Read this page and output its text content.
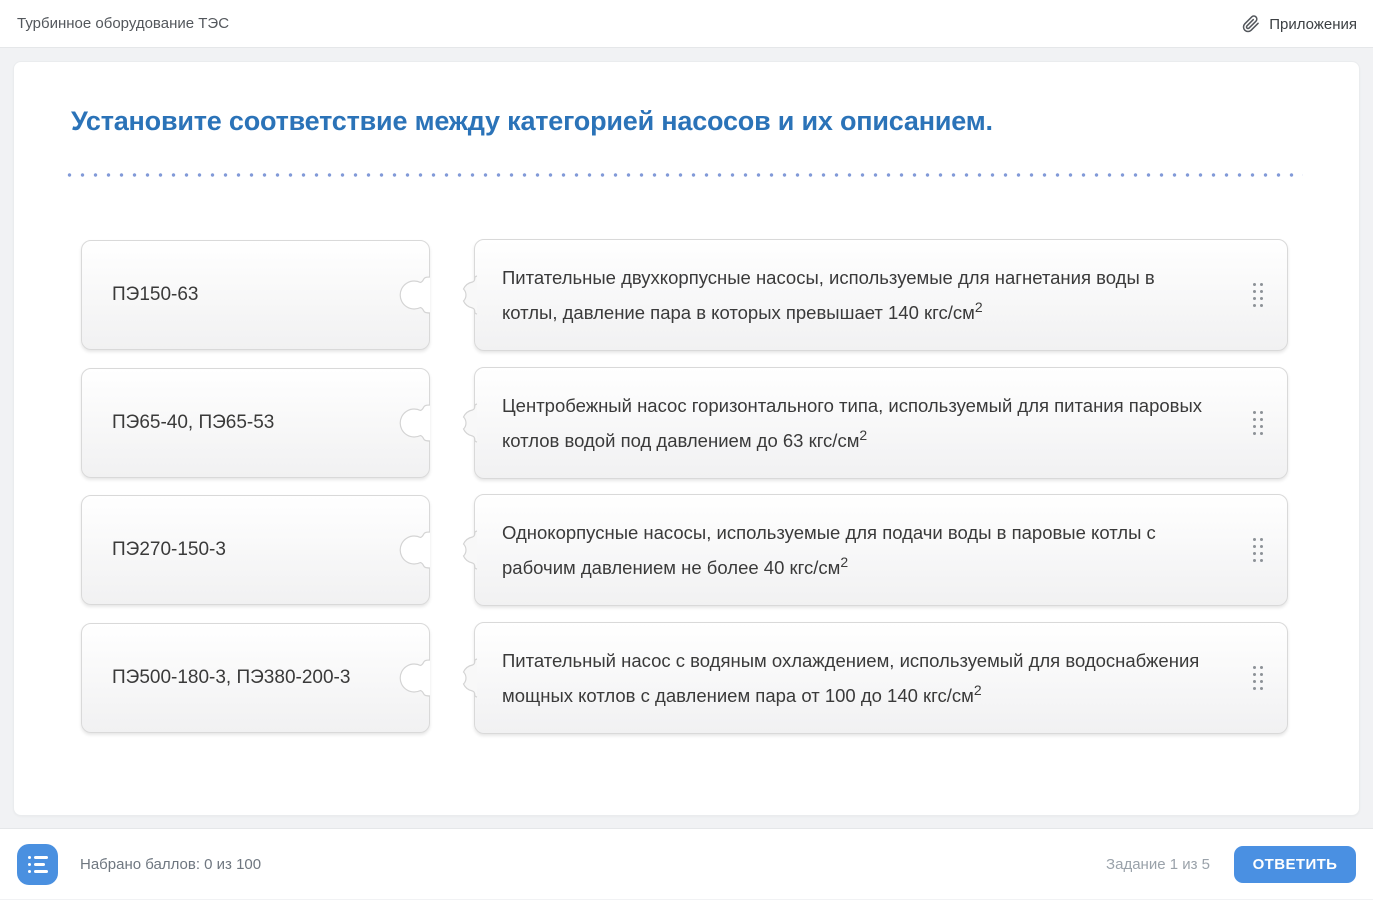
Турбинное оборудование ТЭС	Приложения
Установите соответствие между категорией насосов и их описанием.
ПЭ150-63
Питательные двухкорпусные насосы, используемые для нагнетания воды в котлы, давление пара в которых превышает 140 кгс/$см^2$
ПЭ65-40, ПЭ65-53
Центробежный насос горизонтального типа, используемый для питания паровых котлов водой под давлением до 63 кгс/$см^2$
ПЭ270-150-3
Однокорпусные насосы, используемые для подачи воды в паровые котлы с рабочим давлением не более 40 кгс/$см^2$
ПЭ500-180-3, ПЭ380-200-3
Питательный насос с водяным охлаждением, используемый для водоснабжения мощных котлов с давлением пара от 100 до 140 кгс/$см^2$
Набрано баллов: 0 из 100	Задание 1 из 5	ОТВЕТИТЬ
